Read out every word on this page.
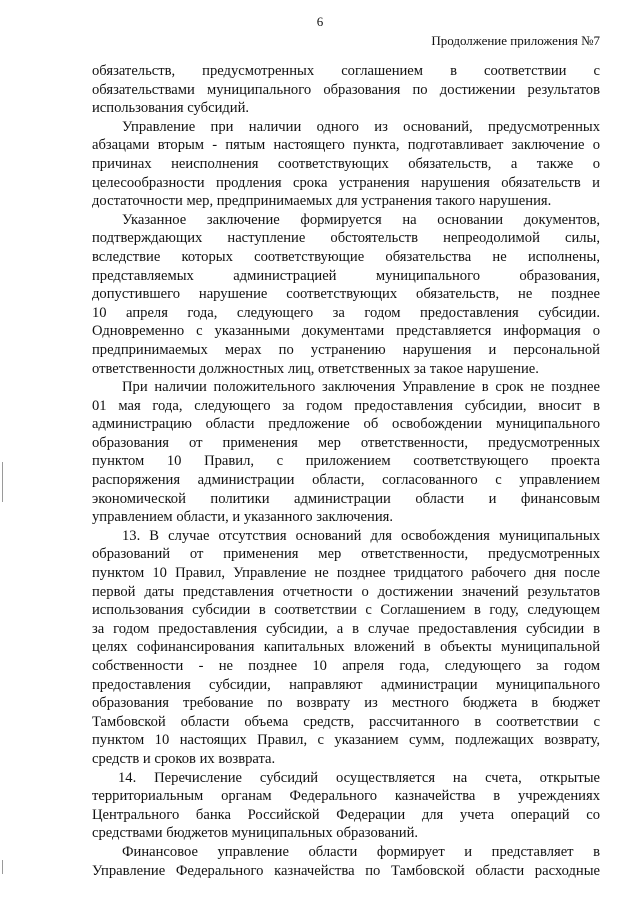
6
Продолжение приложения №7
обязательств, предусмотренных соглашением в соответствии с
обязательствами муниципального образования по достижении результатов
использования субсидий.
Управление при наличии одного из оснований, предусмотренных
абзацами вторым - пятым настоящего пункта, подготавливает заключение о
причинах неисполнения соответствующих обязательств, а также о
целесообразности продления срока устранения нарушения обязательств и
достаточности мер, предпринимаемых для устранения такого нарушения.
Указанное заключение формируется на основании документов,
подтверждающих наступление обстоятельств непреодолимой силы,
вследствие которых соответствующие обязательства не исполнены,
представляемых администрацией муниципального образования,
допустившего нарушение соответствующих обязательств, не позднее
10 апреля года, следующего за годом предоставления субсидии.
Одновременно с указанными документами представляется информация о
предпринимаемых мерах по устранению нарушения и персональной
ответственности должностных лиц, ответственных за такое нарушение.
При наличии положительного заключения Управление в срок не позднее
01 мая года, следующего за годом предоставления субсидии, вносит в
администрацию области предложение об освобождении муниципального
образования от применения мер ответственности, предусмотренных
пунктом 10 Правил, с приложением соответствующего проекта
распоряжения администрации области, согласованного с управлением
экономической политики администрации области и финансовым
управлением области, и указанного заключения.
13. В случае отсутствия оснований для освобождения муниципальных
образований от применения мер ответственности, предусмотренных
пунктом 10 Правил, Управление не позднее тридцатого рабочего дня после
первой даты представления отчетности о достижении значений результатов
использования субсидии в соответствии с Соглашением в году, следующем
за годом предоставления субсидии, а в случае предоставления субсидии в
целях софинансирования капитальных вложений в объекты муниципальной
собственности - не позднее 10 апреля года, следующего за годом
предоставления субсидии, направляют администрации муниципального
образования требование по возврату из местного бюджета в бюджет
Тамбовской области объема средств, рассчитанного в соответствии с
пунктом 10 настоящих Правил, с указанием сумм, подлежащих возврату,
средств и сроков их возврата.
14. Перечисление субсидий осуществляется на счета, открытые
территориальным органам Федерального казначейства в учреждениях
Центрального банка Российской Федерации для учета операций со
средствами бюджетов муниципальных образований.
Финансовое управление области формирует и представляет в
Управление Федерального казначейства по Тамбовской области расходные
